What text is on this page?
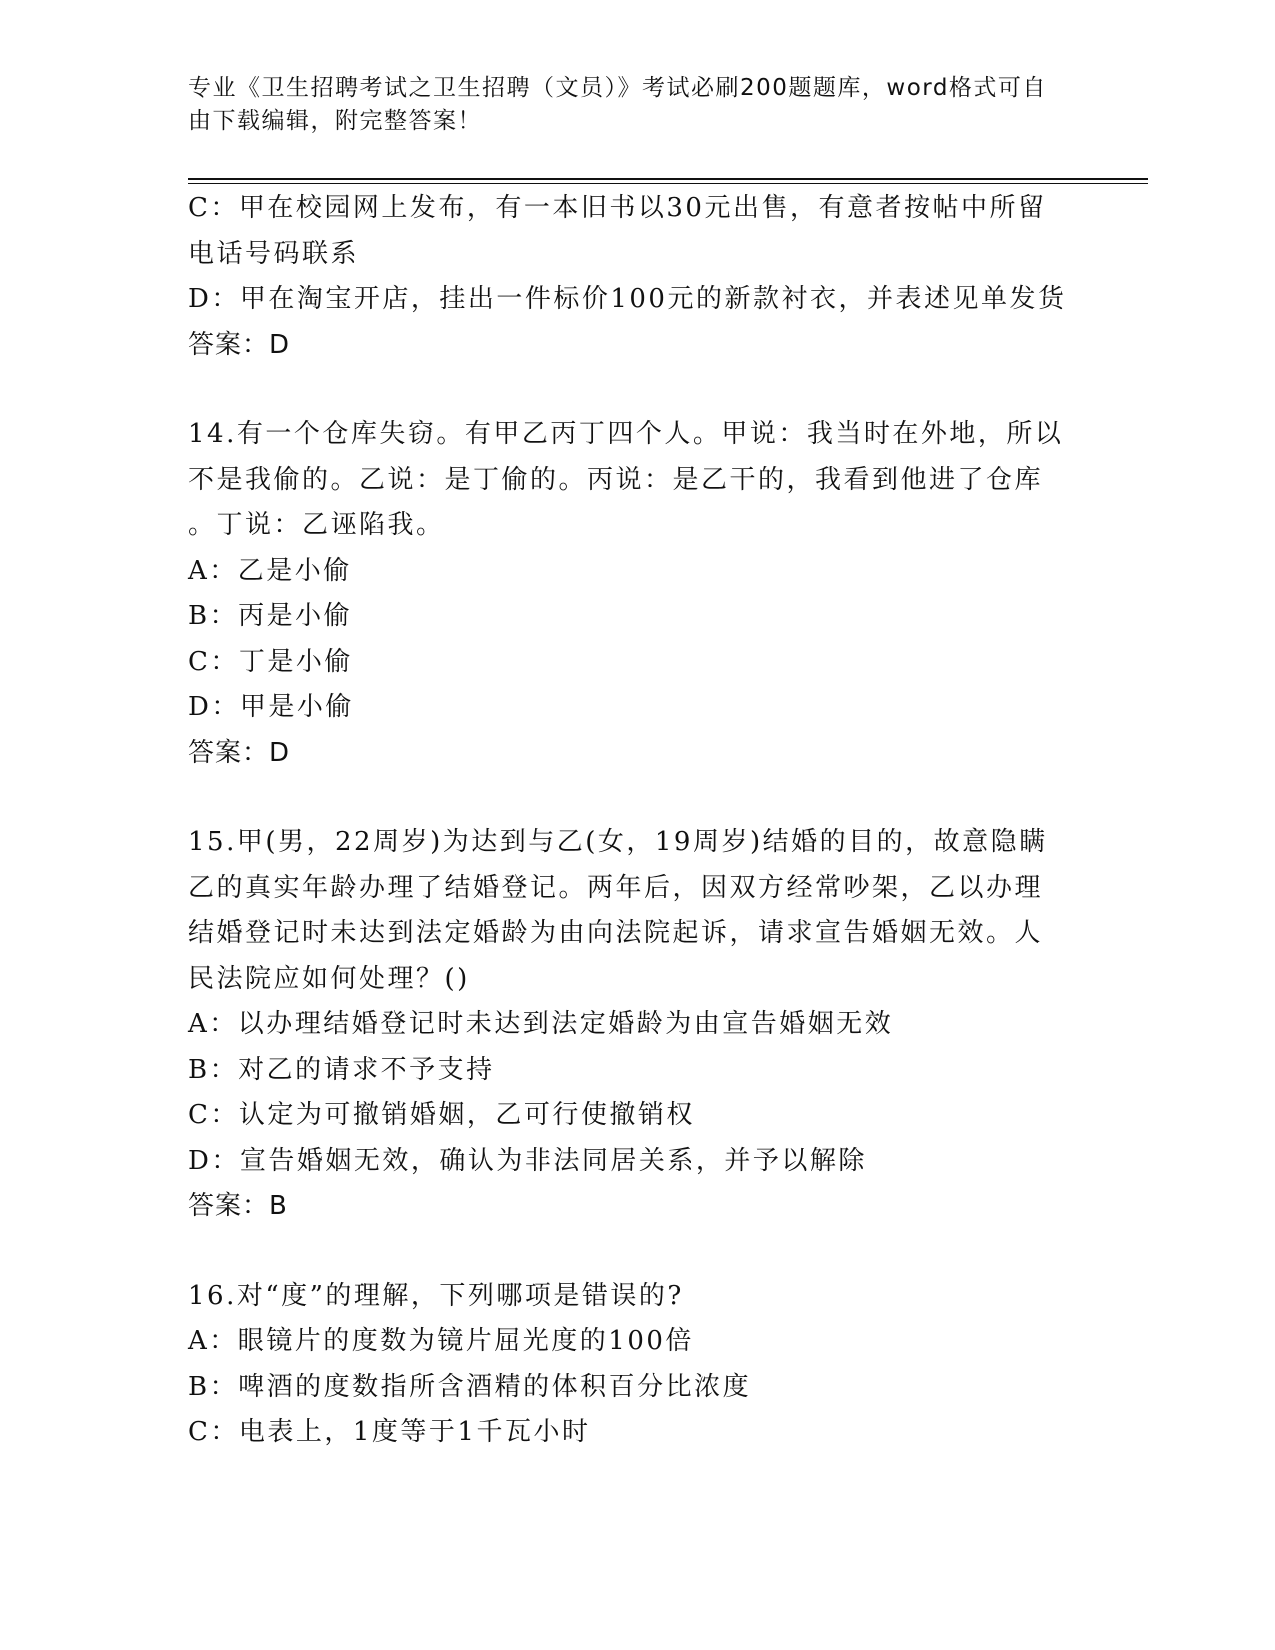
专业《卫生招聘考试之卫生招聘（文员）》考试必刷200题题库，word格式可自
由下载编辑，附完整答案！

C：甲在校园网上发布，有一本旧书以30元出售，有意者按帖中所留

电话号码联系

D：甲在淘宝开店，挂出一件标价100元的新款衬衣，并表述见单发货

答案：D

14.有一个仓库失窃。有甲乙丙丁四个人。甲说：我当时在外地，所以

不是我偷的。乙说：是丁偷的。丙说：是乙干的，我看到他进了仓库

。丁说：乙诬陷我。

A：乙是小偷

B：丙是小偷

C：丁是小偷

D：甲是小偷

答案：D

15.甲(男，22周岁)为达到与乙(女，19周岁)结婚的目的，故意隐瞒

乙的真实年龄办理了结婚登记。两年后，因双方经常吵架，乙以办理

结婚登记时未达到法定婚龄为由向法院起诉，请求宣告婚姻无效。人

民法院应如何处理？()

A：以办理结婚登记时未达到法定婚龄为由宣告婚姻无效

B：对乙的请求不予支持

C：认定为可撤销婚姻，乙可行使撤销权

D：宣告婚姻无效，确认为非法同居关系，并予以解除

答案：B

16.对“度”的理解，下列哪项是错误的?

A：眼镜片的度数为镜片屈光度的100倍

B：啤酒的度数指所含酒精的体积百分比浓度

C：电表上，1度等于1千瓦小时
